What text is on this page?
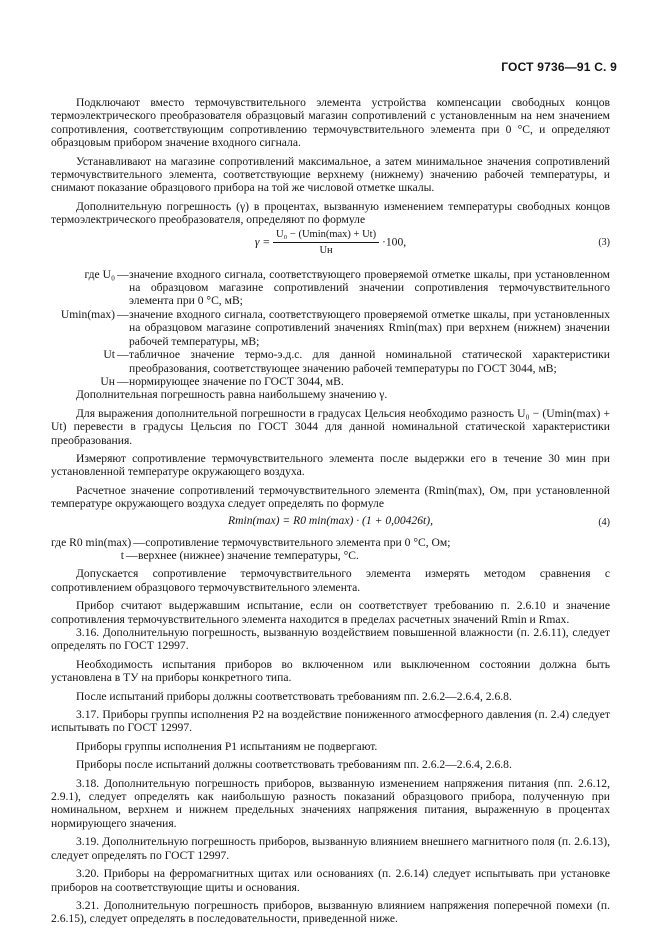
ГОСТ 9736—91 С. 9

Подключают вместо термочувствительного элемента устройства компенсации свободных концов термоэлектрического преобразователя образцовый магазин сопротивлений с установленным на нем значением сопротивления, соответствующим сопротивлению термочувствительного элемента при 0 °С, и определяют образцовым прибором значение входного сигнала.

Устанавливают на магазине сопротивлений максимальное, а затем минимальное значения сопротивлений термочувствительного элемента, соответствующие верхнему (нижнему) значению рабочей температуры, и снимают показание образцового прибора на той же числовой отметке шкалы.

Дополнительную погрешность (γ) в процентах, вызванную изменением температуры свободных концов термоэлектрического преобразователя, определяют по формуле

$\gamma = \frac{\text{U₀ − (Umin(max) + Ut)}}{Uн} \cdot 100$,	(3)
где U₀ — значение входного сигнала, соответствующего проверяемой отметке шкалы, при установленном на образцовом магазине сопротивлений значении сопротивления термочувствительного элемента при 0 °С, мВ;
Umin(max) — значение входного сигнала, соответствующего проверяемой отметке шкалы, при установленных на образцовом магазине сопротивлений значениях Rmin(max) при верхнем (нижнем) значении рабочей температуры, мВ;
Ut — табличное значение термо-э.д.с. для данной номинальной статической характеристики преобразования, соответствующее значению рабочей температуры по ГОСТ 3044, мВ;
Uн — нормирующее значение по ГОСТ 3044, мВ.

Дополнительная погрешность равна наибольшему значению γ.

Для выражения дополнительной погрешности в градусах Цельсия необходимо разность U₀ − (Umin(max) + Ut) перевести в градусы Цельсия по ГОСТ 3044 для данной номинальной статической характеристики преобразования.

Измеряют сопротивление термочувствительного элемента после выдержки его в течение 30 мин при установленной температуре окружающего воздуха.

Расчетное значение сопротивлений термочувствительного элемента (Rmin(max), Ом, при установленной температуре окружающего воздуха следует определять по формуле

Rmin(max) = R0 min(max) · (1 + 0,00426t),	(4)
где R0 min(max) — сопротивление термочувствительного элемента при 0 °С, Ом;
t — верхнее (нижнее) значение температуры, °С.

Допускается сопротивление термочувствительного элемента измерять методом сравнения с сопротивлением образцового термочувствительного элемента.

Прибор считают выдержавшим испытание, если он соответствует требованию п. 2.6.10 и значение сопротивления термочувствительного элемента находится в пределах расчетных значений Rmin и Rmax.

3.16. Дополнительную погрешность, вызванную воздействием повышенной влажности (п. 2.6.11), следует определять по ГОСТ 12997.

Необходимость испытания приборов во включенном или выключенном состоянии должна быть установлена в ТУ на приборы конкретного типа.

После испытаний приборы должны соответствовать требованиям пп. 2.6.2—2.6.4, 2.6.8.

3.17. Приборы группы исполнения Р2 на воздействие пониженного атмосферного давления (п. 2.4) следует испытывать по ГОСТ 12997.

Приборы группы исполнения Р1 испытаниям не подвергают.

Приборы после испытаний должны соответствовать требованиям пп. 2.6.2—2.6.4, 2.6.8.

3.18. Дополнительную погрешность приборов, вызванную изменением напряжения питания (пп. 2.6.12, 2.9.1), следует определять как наибольшую разность показаний образцового прибора, полученную при номинальном, верхнем и нижнем предельных значениях напряжения питания, выраженную в процентах нормирующего значения.

3.19. Дополнительную погрешность приборов, вызванную влиянием внешнего магнитного поля (п. 2.6.13), следует определять по ГОСТ 12997.

3.20. Приборы на ферромагнитных щитах или основаниях (п. 2.6.14) следует испытывать при установке приборов на соответствующие щиты и основания.

3.21. Дополнительную погрешность приборов, вызванную влиянием напряжения поперечной помехи (п. 2.6.15), следует определять в последовательности, приведенной ниже.
